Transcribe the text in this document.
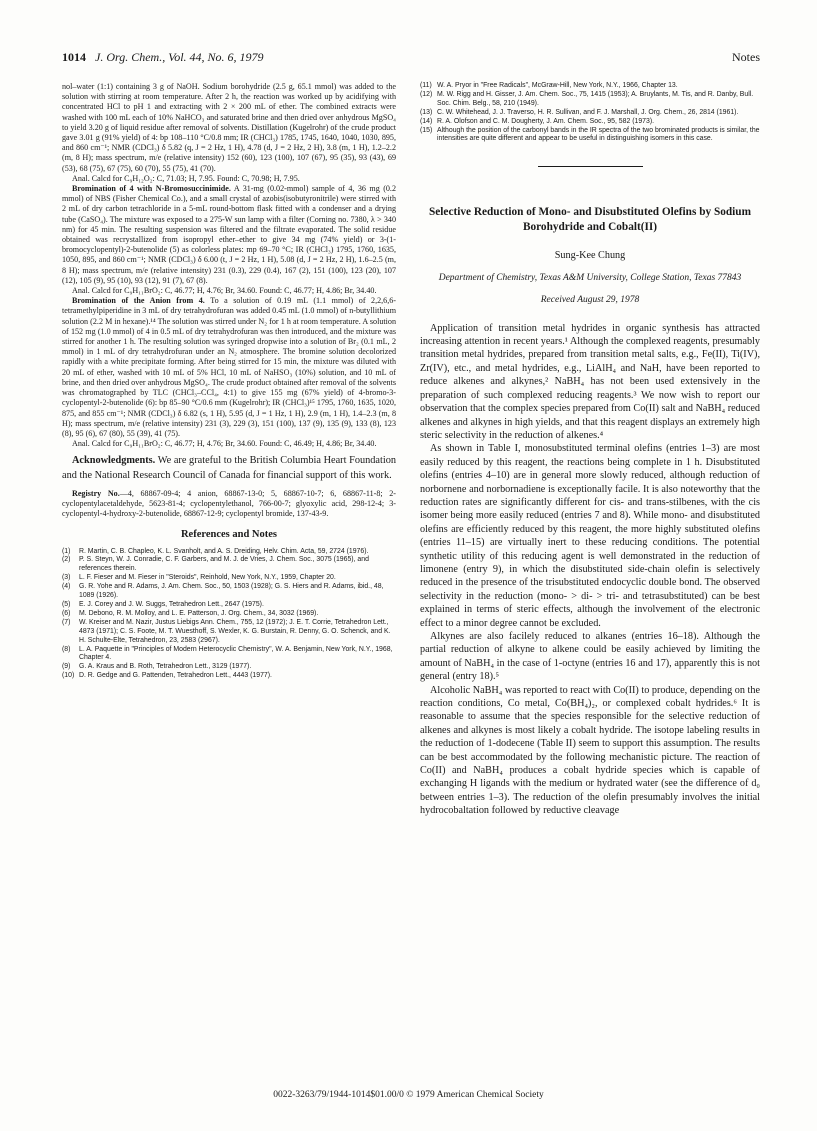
1014 J. Org. Chem., Vol. 44, No. 6, 1979	Notes

nol–water (1:1) containing 3 g of NaOH. Sodium borohydride (2.5 g, 65.1 mmol) was added to the solution with stirring at room temperature. After 2 h, the reaction was worked up by acidifying with concentrated HCl to pH 1 and extracting with 2 × 200 mL of ether. The combined extracts were washed with 100 mL each of 10% NaHCO₃ and saturated brine and then dried over anhydrous MgSO₄ to yield 3.20 g of liquid residue after removal of solvents. Distillation (Kugelrohr) of the crude product gave 3.01 g (91% yield) of 4: bp 108–110 °C/0.8 mm; IR (CHCl₃) 1785, 1745, 1640, 1040, 1030, 895, and 860 cm⁻¹; NMR (CDCl₃) δ 5.82 (q, J = 2 Hz, 1 H), 4.78 (d, J = 2 Hz, 2 H), 3.8 (m, 1 H), 1.2–2.2 (m, 8 H); mass spectrum, m/e (relative intensity) 152 (60), 123 (100), 107 (67), 95 (35), 93 (43), 69 (53), 68 (75), 67 (75), 60 (70), 55 (75), 41 (70).

Anal. Calcd for C₉H₁₂O₂: C, 71.03; H, 7.95. Found: C, 70.98; H, 7.95.

Bromination of 4 with N-Bromosuccinimide. A 31-mg (0.02-mmol) sample of 4, 36 mg (0.2 mmol) of NBS (Fisher Chemical Co.), and a small crystal of azobis(isobutyronitrile) were stirred with 2 mL of dry carbon tetrachloride in a 5-mL round-bottom flask fitted with a condenser and a drying tube (CaSO₄). The mixture was exposed to a 275-W sun lamp with a filter (Corning no. 7380, λ > 340 nm) for 45 min. The resulting suspension was filtered and the filtrate evaporated. The solid residue obtained was recrystallized from isopropyl ether–ether to give 34 mg (74% yield) or 3-(1-bromocyclopentyl)-2-butenolide (5) as colorless plates: mp 69–70 °C; IR (CHCl₃) 1795, 1760, 1635, 1050, 895, and 860 cm⁻¹; NMR (CDCl₃) δ 6.00 (t, J = 2 Hz, 1 H), 5.08 (d, J = 2 Hz, 2 H), 1.6–2.5 (m, 8 H); mass spectrum, m/e (relative intensity) 231 (0.3), 229 (0.4), 167 (2), 151 (100), 123 (20), 107 (12), 105 (9), 95 (10), 93 (12), 91 (7), 67 (8).

Anal. Calcd for C₉H₁₁BrO₂: C, 46.77; H, 4.76; Br, 34.60. Found: C, 46.77; H, 4.86; Br, 34.40.

Bromination of the Anion from 4. To a solution of 0.19 mL (1.1 mmol) of 2,2,6,6-tetramethylpiperidine in 3 mL of dry tetrahydrofuran was added 0.45 mL (1.0 mmol) of n-butyllithium solution (2.2 M in hexane).¹⁴ The solution was stirred under N₂ for 1 h at room temperature. A solution of 152 mg (1.0 mmol) of 4 in 0.5 mL of dry tetrahydrofuran was then introduced, and the mixture was stirred for another 1 h. The resulting solution was syringed dropwise into a solution of Br₂ (0.1 mL, 2 mmol) in 1 mL of dry tetrahydrofuran under an N₂ atmosphere. The bromine solution decolorized rapidly with a white precipitate forming. After being stirred for 15 min, the mixture was diluted with 20 mL of ether, washed with 10 mL of 5% HCl, 10 mL of NaHSO₃ (10%) solution, and 10 mL of brine, and then dried over anhydrous MgSO₄. The crude product obtained after removal of the solvents was chromatographed by TLC (CHCl₃–CCl₄, 4:1) to give 155 mg (67% yield) of 4-bromo-3-cyclopentyl-2-butenolide (6): bp 85–90 °C/0.6 mm (Kugelrohr); IR (CHCl₃)¹⁵ 1795, 1760, 1635, 1020, 875, and 855 cm⁻¹; NMR (CDCl₃) δ 6.82 (s, 1 H), 5.95 (d, J = 1 Hz, 1 H), 2.9 (m, 1 H), 1.4–2.3 (m, 8 H); mass spectrum, m/e (relative intensity) 231 (3), 229 (3), 151 (100), 137 (9), 135 (9), 133 (8), 123 (8), 95 (6), 67 (80), 55 (39), 41 (75).

Anal. Calcd for C₉H₁₁BrO₂: C, 46.77; H, 4.76; Br, 34.60. Found: C, 46.49; H, 4.86; Br, 34.40.

Acknowledgments. We are grateful to the British Columbia Heart Foundation and the National Research Council of Canada for financial support of this work.

Registry No.—4, 68867-09-4; 4 anion, 68867-13-0; 5, 68867-10-7; 6, 68867-11-8; 2-cyclopentylacetaldehyde, 5623-81-4; cyclopentylethanol, 766-00-7; glyoxylic acid, 298-12-4; 3-cyclopentyl-4-hydroxy-2-butenolide, 68867-12-9; cyclopentyl bromide, 137-43-9.

References and Notes
(1)	R. Martin, C. B. Chapleo, K. L. Svanholt, and A. S. Dreiding, Helv. Chim. Acta, 59, 2724 (1976).
(2)	P. S. Steyn, W. J. Conradie, C. F. Garbers, and M. J. de Vries, J. Chem. Soc., 3075 (1965), and references therein.
(3)	L. F. Fieser and M. Fieser in "Steroids", Reinhold, New York, N.Y., 1959, Chapter 20.
(4)	G. R. Yohe and R. Adams, J. Am. Chem. Soc., 50, 1503 (1928); G. S. Hiers and R. Adams, ibid., 48, 1089 (1926).
(5)	E. J. Corey and J. W. Suggs, Tetrahedron Lett., 2647 (1975).
(6)	M. Debono, R. M. Molloy, and L. E. Patterson, J. Org. Chem., 34, 3032 (1969).
(7)	W. Kreiser and M. Nazir, Justus Liebigs Ann. Chem., 755, 12 (1972); J. E. T. Corrie, Tetrahedron Lett., 4873 (1971); C. S. Foote, M. T. Wuesthoff, S. Wexler, K. G. Burstain, R. Denny, G. O. Schenck, and K. H. Schulte-Elte, Tetrahedron, 23, 2583 (2967).
(8)	L. A. Paquette in "Principles of Modern Heterocyclic Chemistry", W. A. Benjamin, New York, N.Y., 1968, Chapter 4.
(9)	G. A. Kraus and B. Roth, Tetrahedron Lett., 3129 (1977).
(10) D. R. Gedge and G. Pattenden, Tetrahedron Lett., 4443 (1977).
(11) W. A. Pryor in "Free Radicals", McGraw-Hill, New York, N.Y., 1966, Chapter 13.
(12) M. W. Rigg and H. Gisser, J. Am. Chem. Soc., 75, 1415 (1953); A. Bruylants, M. Tis, and R. Danby, Bull. Soc. Chim. Belg., 58, 210 (1949).
(13) C. W. Whitehead, J. J. Traverso, H. R. Sullivan, and F. J. Marshall, J. Org. Chem., 26, 2814 (1961).
(14) R. A. Olofson and C. M. Dougherty, J. Am. Chem. Soc., 95, 582 (1973).
(15) Although the position of the carbonyl bands in the IR spectra of the two brominated products is similar, the intensities are quite different and appear to be useful in distinguishing isomers in this case.
Selective Reduction of Mono- and Disubstituted Olefins by Sodium Borohydride and Cobalt(II)
Sung-Kee Chung
Department of Chemistry, Texas A&M University, College Station, Texas 77843
Received August 29, 1978

Application of transition metal hydrides in organic synthesis has attracted increasing attention in recent years.¹ Although the complexed reagents, presumably transition metal hydrides, prepared from transition metal salts, e.g., Fe(II), Ti(IV), Zr(IV), etc., and metal hydrides, e.g., LiAlH₄ and NaH, have been reported to reduce alkenes and alkynes,² NaBH₄ has not been used extensively in the preparation of such complexed reducing reagents.³ We now wish to report our observation that the complex species prepared from Co(II) salt and NaBH₄ reduced alkenes and alkynes in high yields, and that this reagent displays an extremely high steric selectivity in the reduction of alkenes.⁴

As shown in Table I, monosubstituted terminal olefins (entries 1–3) are most easily reduced by this reagent, the reactions being complete in 1 h. Disubstituted olefins (entries 4–10) are in general more slowly reduced, although reduction of norbornene and norbornadiene is exceptionally facile. It is also noteworthy that the reduction rates are significantly different for cis- and trans-stilbenes, with the cis isomer being more easily reduced (entries 7 and 8). While mono- and disubstituted olefins are efficiently reduced by this reagent, the more highly substituted olefins (entries 11–15) are virtually inert to these reducing conditions. The potential synthetic utility of this reducing agent is well demonstrated in the reduction of limonene (entry 9), in which the disubstituted side-chain olefin is selectively reduced in the presence of the trisubstituted endocyclic double bond. The observed selectivity in the reduction (mono- > di- > tri- and tetrasubstituted) can be best explained in terms of steric effects, although the involvement of the electronic effect to a minor degree cannot be excluded.

Alkynes are also facilely reduced to alkanes (entries 16–18). Although the partial reduction of alkyne to alkene could be easily achieved by limiting the amount of NaBH₄ in the case of 1-octyne (entries 16 and 17), apparently this is not general (entry 18).⁵

Alcoholic NaBH₄ was reported to react with Co(II) to produce, depending on the reaction conditions, Co metal, Co(BH₄)₂, or complexed cobalt hydrides.⁶ It is reasonable to assume that the species responsible for the selective reduction of alkenes and alkynes is most likely a cobalt hydride. The isotope labeling results in the reduction of 1-dodecene (Table II) seem to support this assumption. The results can be best accommodated by the following mechanistic picture. The reaction of Co(II) and NaBH₄ produces a cobalt hydride species which is capable of exchanging H ligands with the medium or hydrated water (see the difference of d₀ between entries 1–3). The reduction of the olefin presumably involves the initial hydrocobaltation followed by reductive cleavage

0022-3263/79/1944-1014$01.00/0 © 1979 American Chemical Society
